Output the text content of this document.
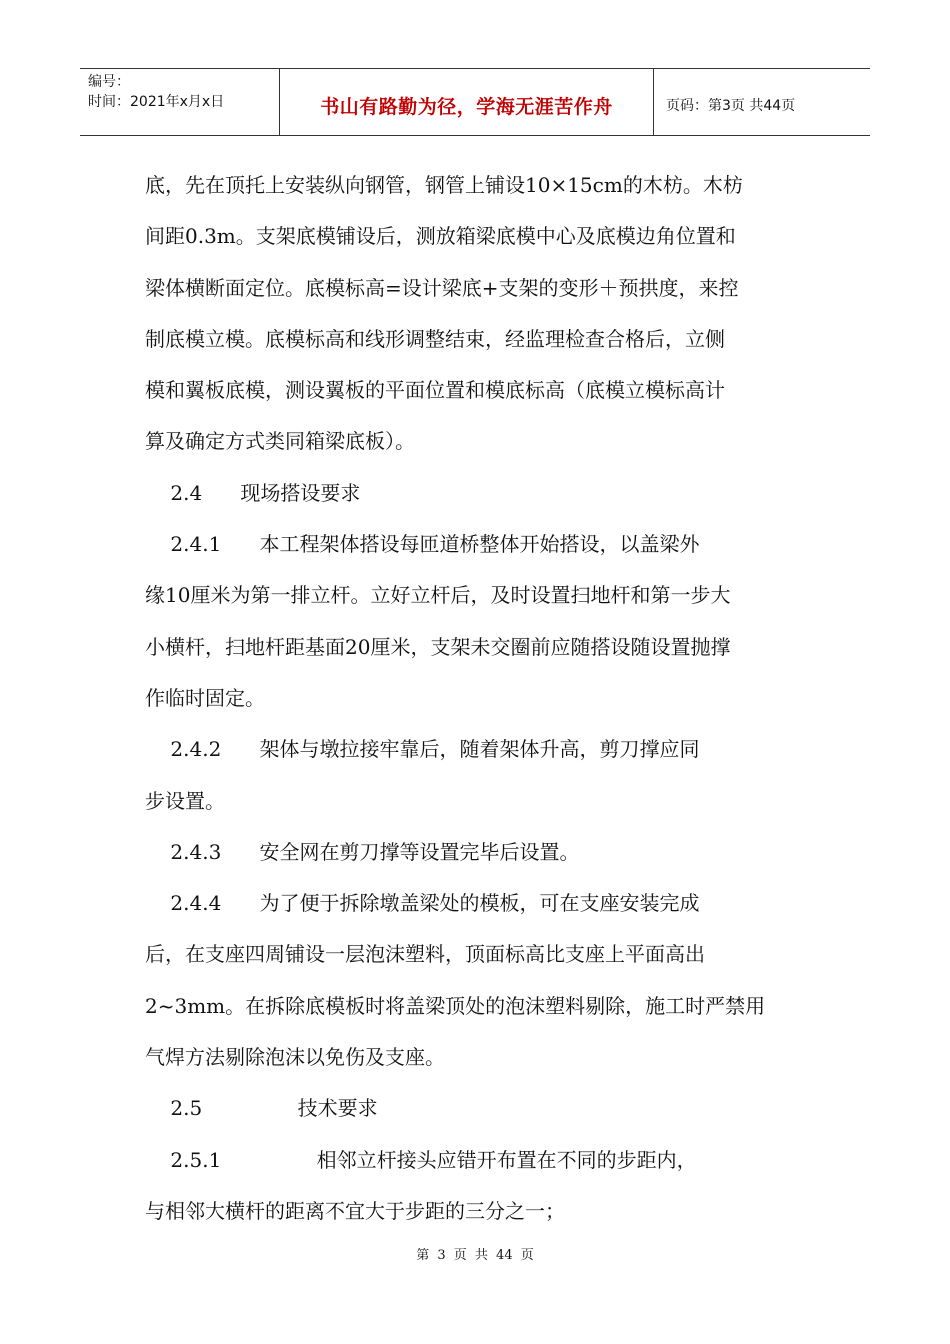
编号：
时间：2021年x月x日	书山有路勤为径，学海无涯苦作舟	页码：第3页 共44页

底，先在顶托上安装纵向钢管，钢管上铺设10×15cm的木枋。木枋

间距0.3m。支架底模铺设后，测放箱梁底模中心及底模边角位置和

梁体横断面定位。底模标高=设计梁底+支架的变形＋预拱度，来控

制底模立模。底模标高和线形调整结束，经监理检查合格后，立侧

模和翼板底模，测设翼板的平面位置和模底标高（底模立模标高计

算及确定方式类同箱梁底板）。

2.4      现场搭设要求

2.4.1      本工程架体搭设每匝道桥整体开始搭设，以盖梁外

缘10厘米为第一排立杆。立好立杆后，及时设置扫地杆和第一步大

小横杆，扫地杆距基面20厘米，支架未交圈前应随搭设随设置抛撑

作临时固定。

2.4.2      架体与墩拉接牢靠后，随着架体升高，剪刀撑应同

步设置。

2.4.3      安全网在剪刀撑等设置完毕后设置。

2.4.4      为了便于拆除墩盖梁处的模板，可在支座安装完成

后，在支座四周铺设一层泡沫塑料，顶面标高比支座上平面高出

2~3mm。在拆除底模板时将盖梁顶处的泡沫塑料剔除，施工时严禁用

气焊方法剔除泡沫以免伤及支座。

2.5               技术要求

2.5.1               相邻立杆接头应错开布置在不同的步距内，

与相邻大横杆的距离不宜大于步距的三分之一；

第 3 页 共 44 页
